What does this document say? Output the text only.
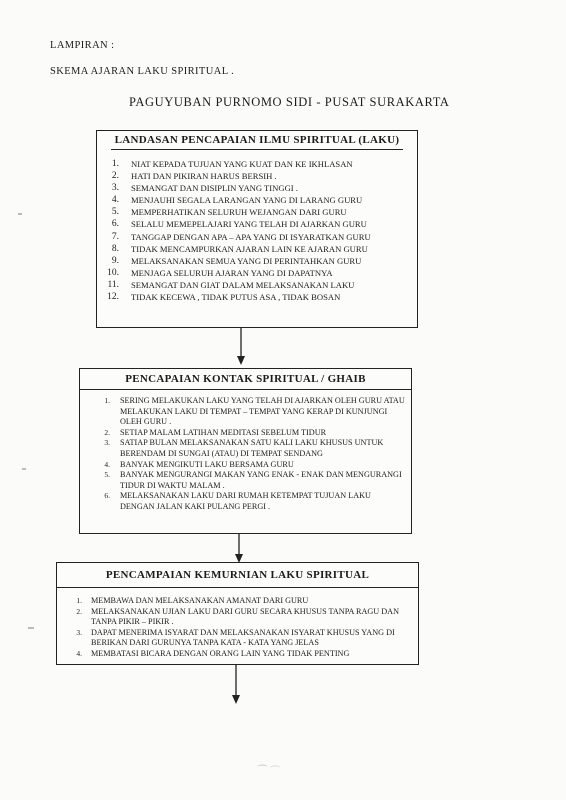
LAMPIRAN :
SKEMA AJARAN LAKU SPIRITUAL .
PAGUYUBAN PURNOMO SIDI - PUSAT SURAKARTA
LANDASAN PENCAPAIAN ILMU SPIRITUAL (LAKU)
1. NIAT KEPADA TUJUAN YANG KUAT DAN KE IKHLASAN
2. HATI DAN PIKIRAN HARUS BERSIH .
3. SEMANGAT DAN DISIPLIN YANG TINGGI .
4. MENJAUHI SEGALA LARANGAN YANG DI LARANG GURU
5. MEMPERHATIKAN SELURUH WEJANGAN DARI GURU
6. SELALU MEMEPELAJARI YANG TELAH DI AJARKAN GURU
7. TANGGAP DENGAN APA – APA YANG DI ISYARATKAN GURU
8. TIDAK MENCAMPURKAN AJARAN LAIN KE AJARAN GURU
9. MELAKSANAKAN SEMUA YANG DI PERINTAHKAN GURU
10. MENJAGA SELURUH AJARAN YANG DI DAPATNYA
11. SEMANGAT DAN GIAT DALAM MELAKSANAKAN LAKU
12. TIDAK KECEWA , TIDAK PUTUS ASA , TIDAK BOSAN
PENCAPAIAN KONTAK SPIRITUAL / GHAIB
1. SERING MELAKUKAN LAKU YANG TELAH DI AJARKAN OLEH GURU ATAU MELAKUKAN LAKU DI TEMPAT – TEMPAT YANG KERAP DI KUNJUNGI OLEH GURU .
2. SETIAP MALAM LATIHAN MEDITASI SEBELUM TIDUR
3. SATIAP BULAN MELAKSANAKAN SATU KALI LAKU KHUSUS UNTUK BERENDAM DI SUNGAI (ATAU) DI TEMPAT SENDANG
4. BANYAK MENGIKUTI LAKU BERSAMA GURU
5. BANYAK MENGURANGI MAKAN YANG ENAK - ENAK DAN MENGURANGI TIDUR DI WAKTU MALAM .
6. MELAKSANAKAN LAKU DARI RUMAH KETEMPAT TUJUAN LAKU DENGAN JALAN KAKI PULANG PERGI .
PENCAMPAIAN KEMURNIAN LAKU SPIRITUAL
1. MEMBAWA DAN MELAKSANAKAN AMANAT DARI GURU
2. MELAKSANAKAN UJIAN LAKU DARI GURU SECARA KHUSUS TANPA RAGU DAN TANPA PIKIR – PIKIR .
3. DAPAT MENERIMA ISYARAT DAN MELAKSANAKAN ISYARAT KHUSUS YANG DI BERIKAN DARI GURUNYA TANPA KATA - KATA YANG JELAS
4. MEMBATASI BICARA DENGAN ORANG LAIN YANG TIDAK PENTING
⁀ ⌒
